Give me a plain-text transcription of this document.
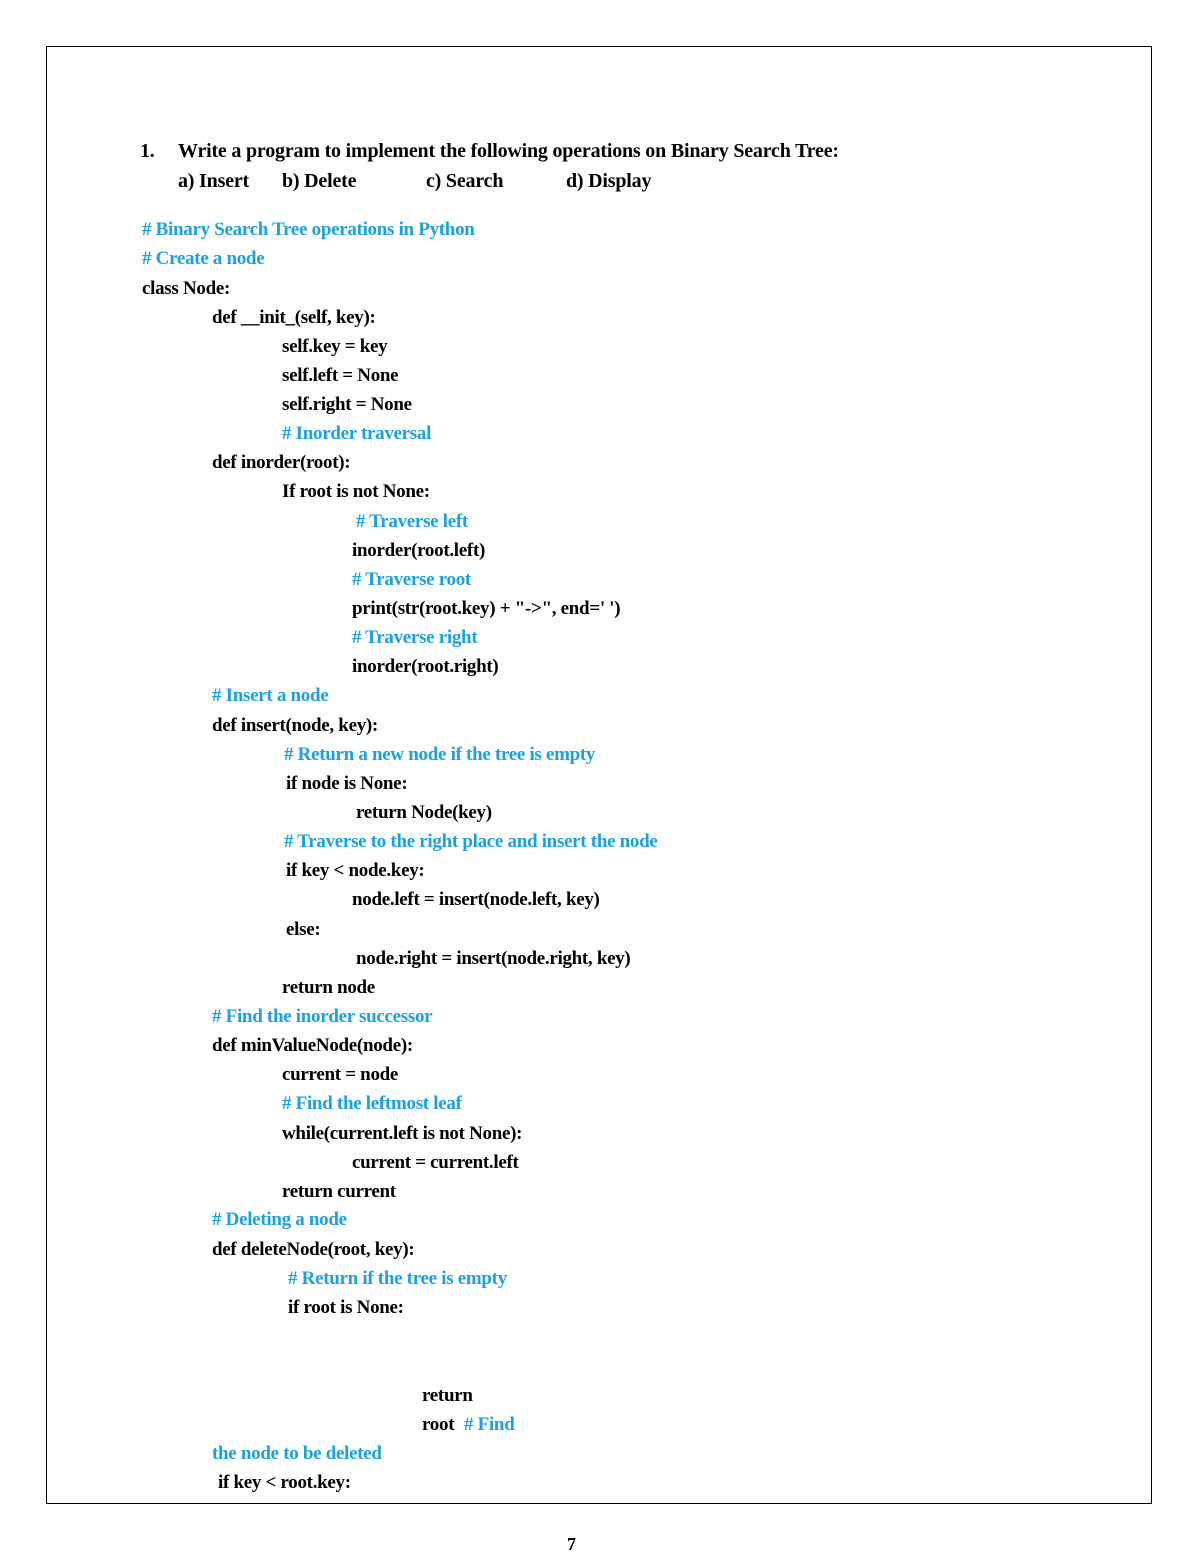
1. Write a program to implement the following operations on Binary Search Tree:
a) Insert b) Delete	c) Search	d) Display
# Binary Search Tree operations in Python
# Create a node
class Node:
def __init_(self, key):
self.key = key
self.left = None
self.right = None
# Inorder traversal
def inorder(root):
If root is not None:
# Traverse left
inorder(root.left)
# Traverse root
print(str(root.key) + "->", end=' ')
# Traverse right
inorder(root.right)
# Insert a node
def insert(node, key):
# Return a new node if the tree is empty
if node is None:
return Node(key)
# Traverse to the right place and insert the node
if key < node.key:
node.left = insert(node.left, key)
else:
node.right = insert(node.right, key)
return node
# Find the inorder successor
def minValueNode(node):
current = node
# Find the leftmost leaf
while(current.left is not None):
current = current.left
return current
# Deleting a node
def deleteNode(root, key):
# Return if the tree is empty
if root is None:
return
root # Find
the node to be deleted
if key < root.key:
7
